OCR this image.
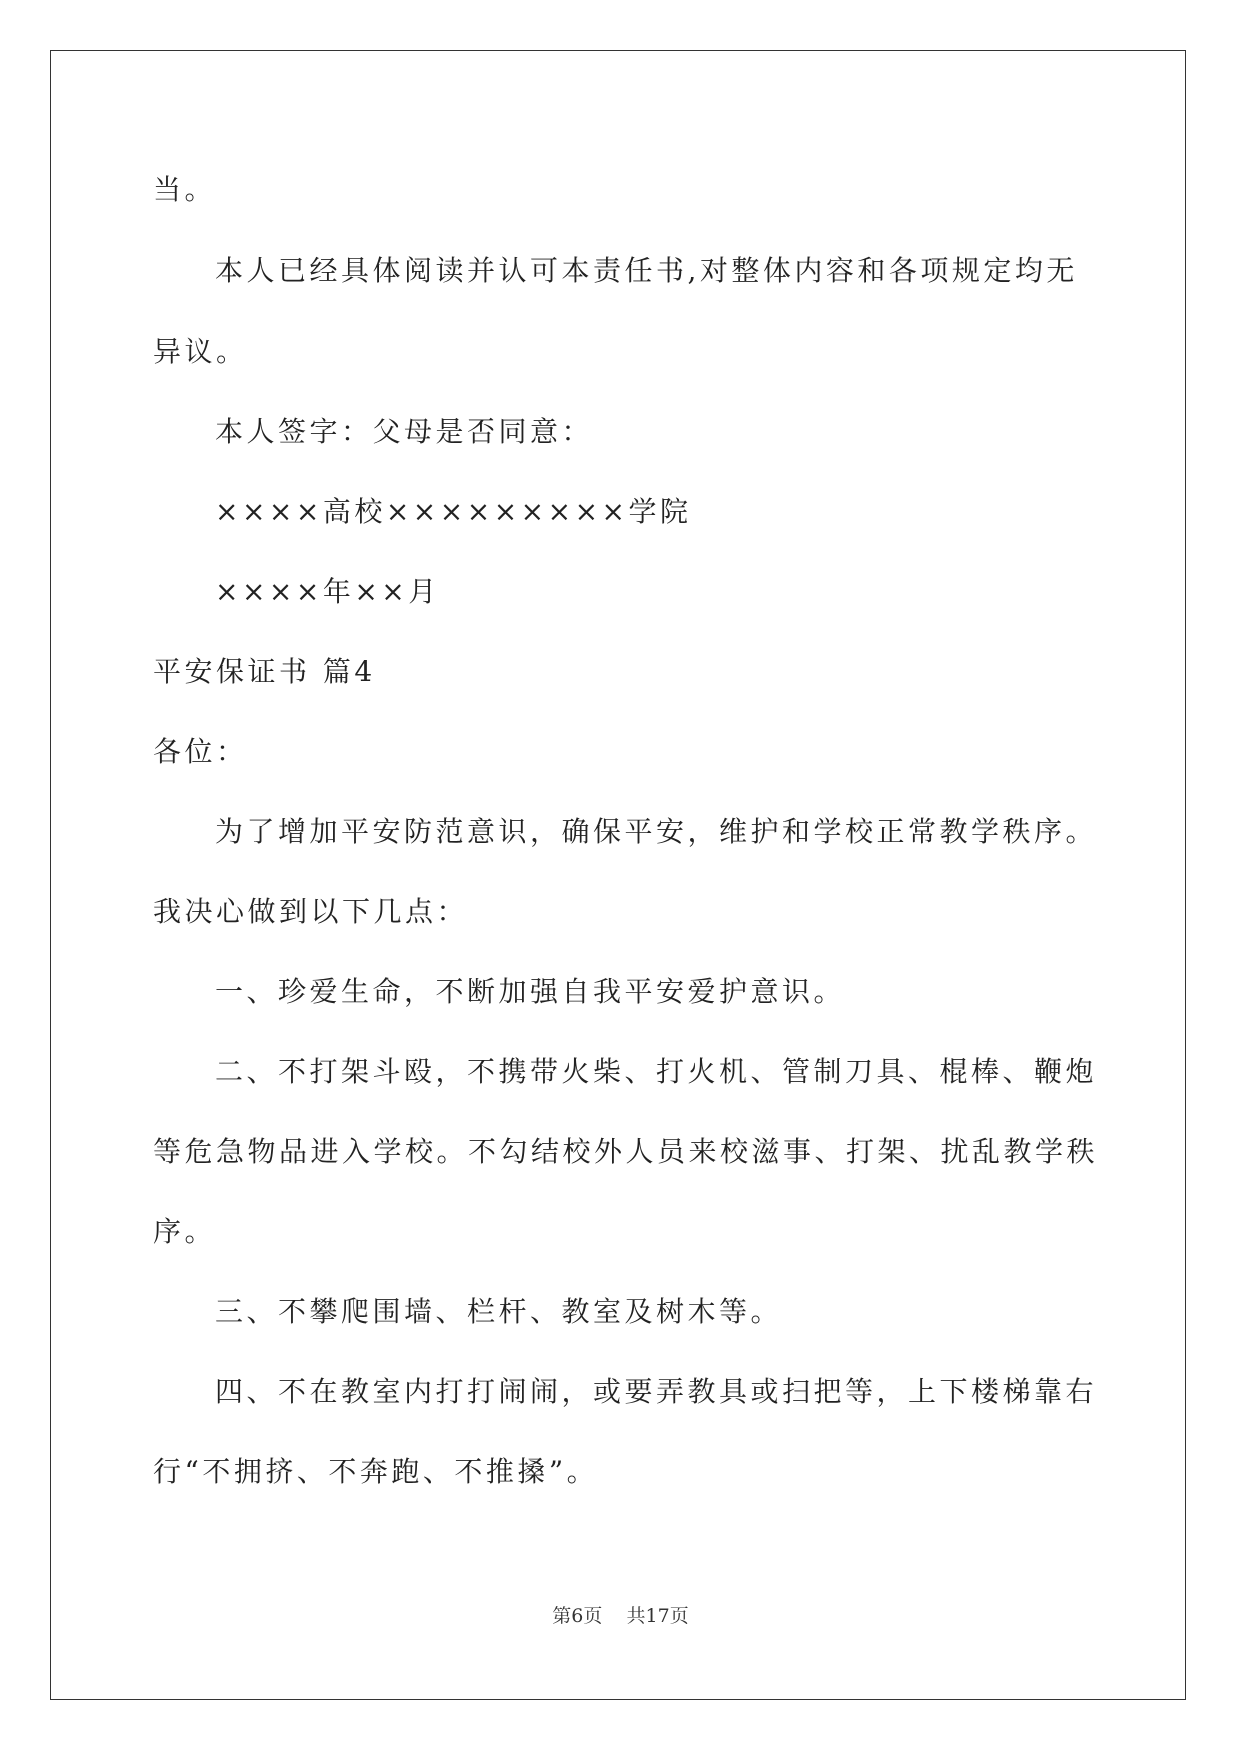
当。
本人已经具体阅读并认可本责任书,对整体内容和各项规定均无
异议。
本人签字：父母是否同意：
××××高校×××××××××学院
××××年××月
平安保证书 篇4
各位：
为了增加平安防范意识，确保平安，维护和学校正常教学秩序。
我决心做到以下几点：
一、珍爱生命，不断加强自我平安爱护意识。
二、不打架斗殴，不携带火柴、打火机、管制刀具、棍棒、鞭炮
等危急物品进入学校。不勾结校外人员来校滋事、打架、扰乱教学秩
序。
三、不攀爬围墙、栏杆、教室及树木等。
四、不在教室内打打闹闹，或要弄教具或扫把等，上下楼梯靠右
行“不拥挤、不奔跑、不推搡”。
第6页 共17页
